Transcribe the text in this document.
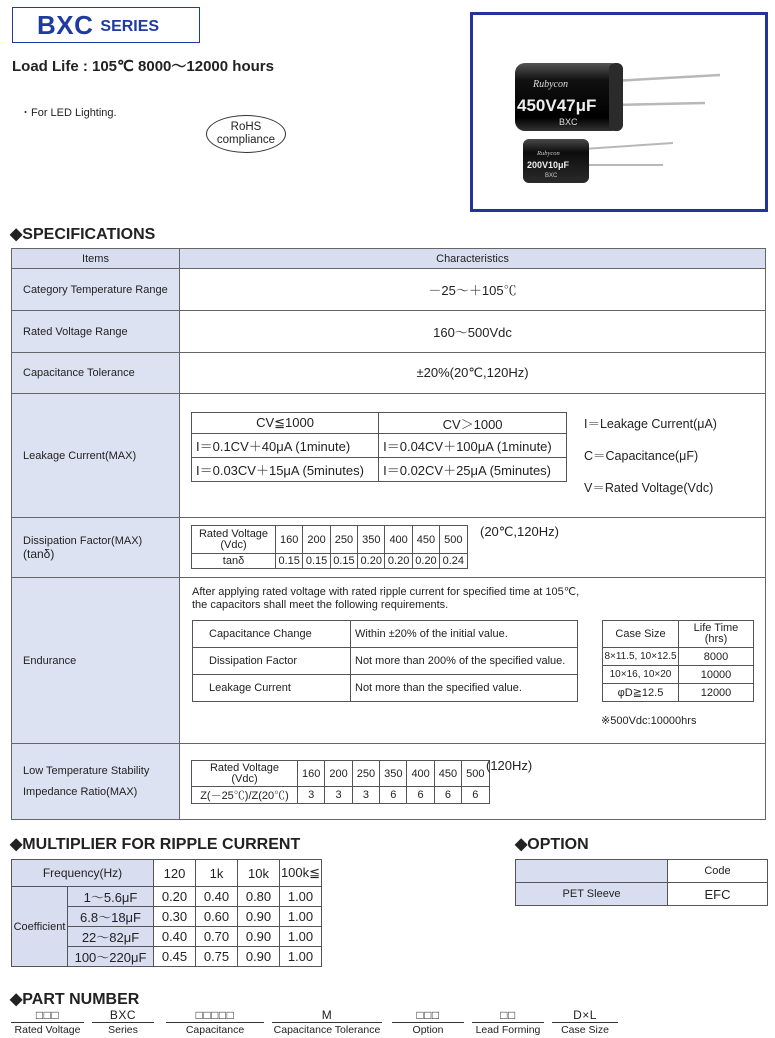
BXC SERIES
Load Life : 105℃ 8000～12000 hours
・For LED Lighting.
RoHS
compliance
Rubycon
450V47μF
BXC
Rubycon
200V10μF
BXC
◆SPECIFICATIONS
Items	Characteristics
Category Temperature Range	－25～＋105℃
Rated Voltage Range	160～500Vdc
Capacitance Tolerance	±20%(20℃,120Hz)
Leakage Current(MAX)	
CV≦1000	CV＞1000
I＝0.1CV＋40μA (1minute)	I＝0.04CV＋100μA (1minute)
I＝0.03CV＋15μA (5minutes)	I＝0.02CV＋25μA (5minutes)
I＝Leakage Current(μA)
C＝Capacitance(μF)
V＝Rated Voltage(Vdc)

Dissipation Factor(MAX)
(tanδ)

Rated Voltage (Vdc)	160	200	250	350	400	450	500
tanδ	0.15	0.15	0.15	0.20	0.20	0.20	0.24
(20℃,120Hz)

Endurance	
After applying rated voltage with rated ripple current for specified time at 105℃,
the capacitors shall meet the following requirements.
Capacitance Change	Within ±20% of the initial value.
Dissipation Factor	Not more than 200% of the specified value.
Leakage Current	Not more than the specified value.
Case Size	Life Time (hrs)
8×11.5, 10×12.5	8000
10×16, 10×20	10000
φD≧12.5	12000
※500Vdc:10000hrs

Low Temperature Stability
Impedance Ratio(MAX)

Rated Voltage (Vdc)	160	200	250	350	400	450	500
Z(－25℃)/Z(20℃)	3	3	3	6	6	6	6
(120Hz)
◆MULTIPLIER FOR RIPPLE CURRENT
Frequency(Hz)		120	1k	10k	100k≦
Coefficient	1～5.6μF	0.20	0.40	0.80	1.00
	6.8～18μF	0.30	0.60	0.90	1.00
	22～82μF	0.40	0.70	0.90	1.00
	100～220μF	0.45	0.75	0.90	1.00
◆OPTION
	Code
PET Sleeve	EFC
◆PART NUMBER
□□□
Rated Voltage
BXC
Series
□□□□□
Capacitance
M
Capacitance Tolerance
□□□
Option
□□
Lead Forming
D×L
Case Size
